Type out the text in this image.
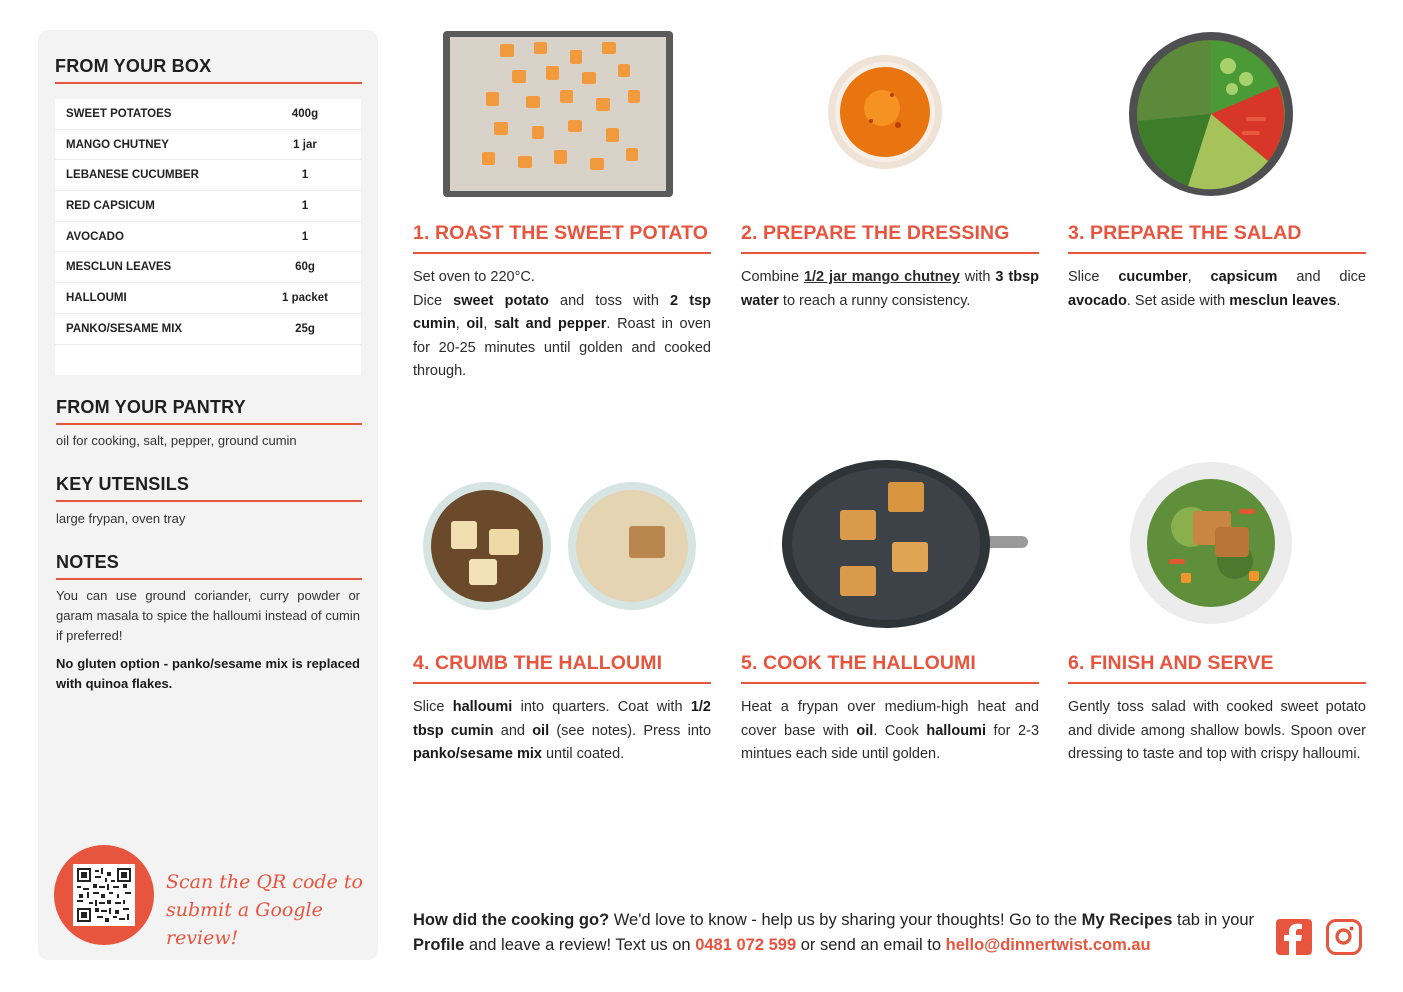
FROM YOUR BOX
SWEET POTATOES	400g
MANGO CHUTNEY	1 jar
LEBANESE CUCUMBER	1
RED CAPSICUM	1
AVOCADO	1
MESCLUN LEAVES	60g
HALLOUMI	1 packet
PANKO/SESAME MIX	25g
FROM YOUR PANTRY
oil for cooking, salt, pepper, ground cumin
KEY UTENSILS
large frypan, oven tray
NOTES
You can use ground coriander, curry powder or garam masala to spice the halloumi instead of cumin if preferred!
No gluten option - panko/sesame mix is replaced with quinoa flakes.
Scan the QR code to
submit a Google review!
1. ROAST THE SWEET POTATO
Set oven to 220°C.
Dice sweet potato and toss with 2 tsp cumin, oil, salt and pepper. Roast in oven for 20-25 minutes until golden and cooked through.
2. PREPARE THE DRESSING
Combine 1/2 jar mango chutney with 3 tbsp water to reach a runny consistency.
3. PREPARE THE SALAD
Slice cucumber, capsicum and dice avocado. Set aside with mesclun leaves.
4. CRUMB THE HALLOUMI
Slice halloumi into quarters. Coat with 1/2 tbsp cumin and oil (see notes). Press into panko/sesame mix until coated.
5. COOK THE HALLOUMI
Heat a frypan over medium-high heat and cover base with oil. Cook halloumi for 2-3 mintues each side until golden.
6. FINISH AND SERVE
Gently toss salad with cooked sweet potato and divide among shallow bowls. Spoon over dressing to taste and top with crispy halloumi.
How did the cooking go? We'd love to know - help us by sharing your thoughts! Go to the My Recipes tab in your Profile and leave a review! Text us on 0481 072 599 or send an email to hello@dinnertwist.com.au
